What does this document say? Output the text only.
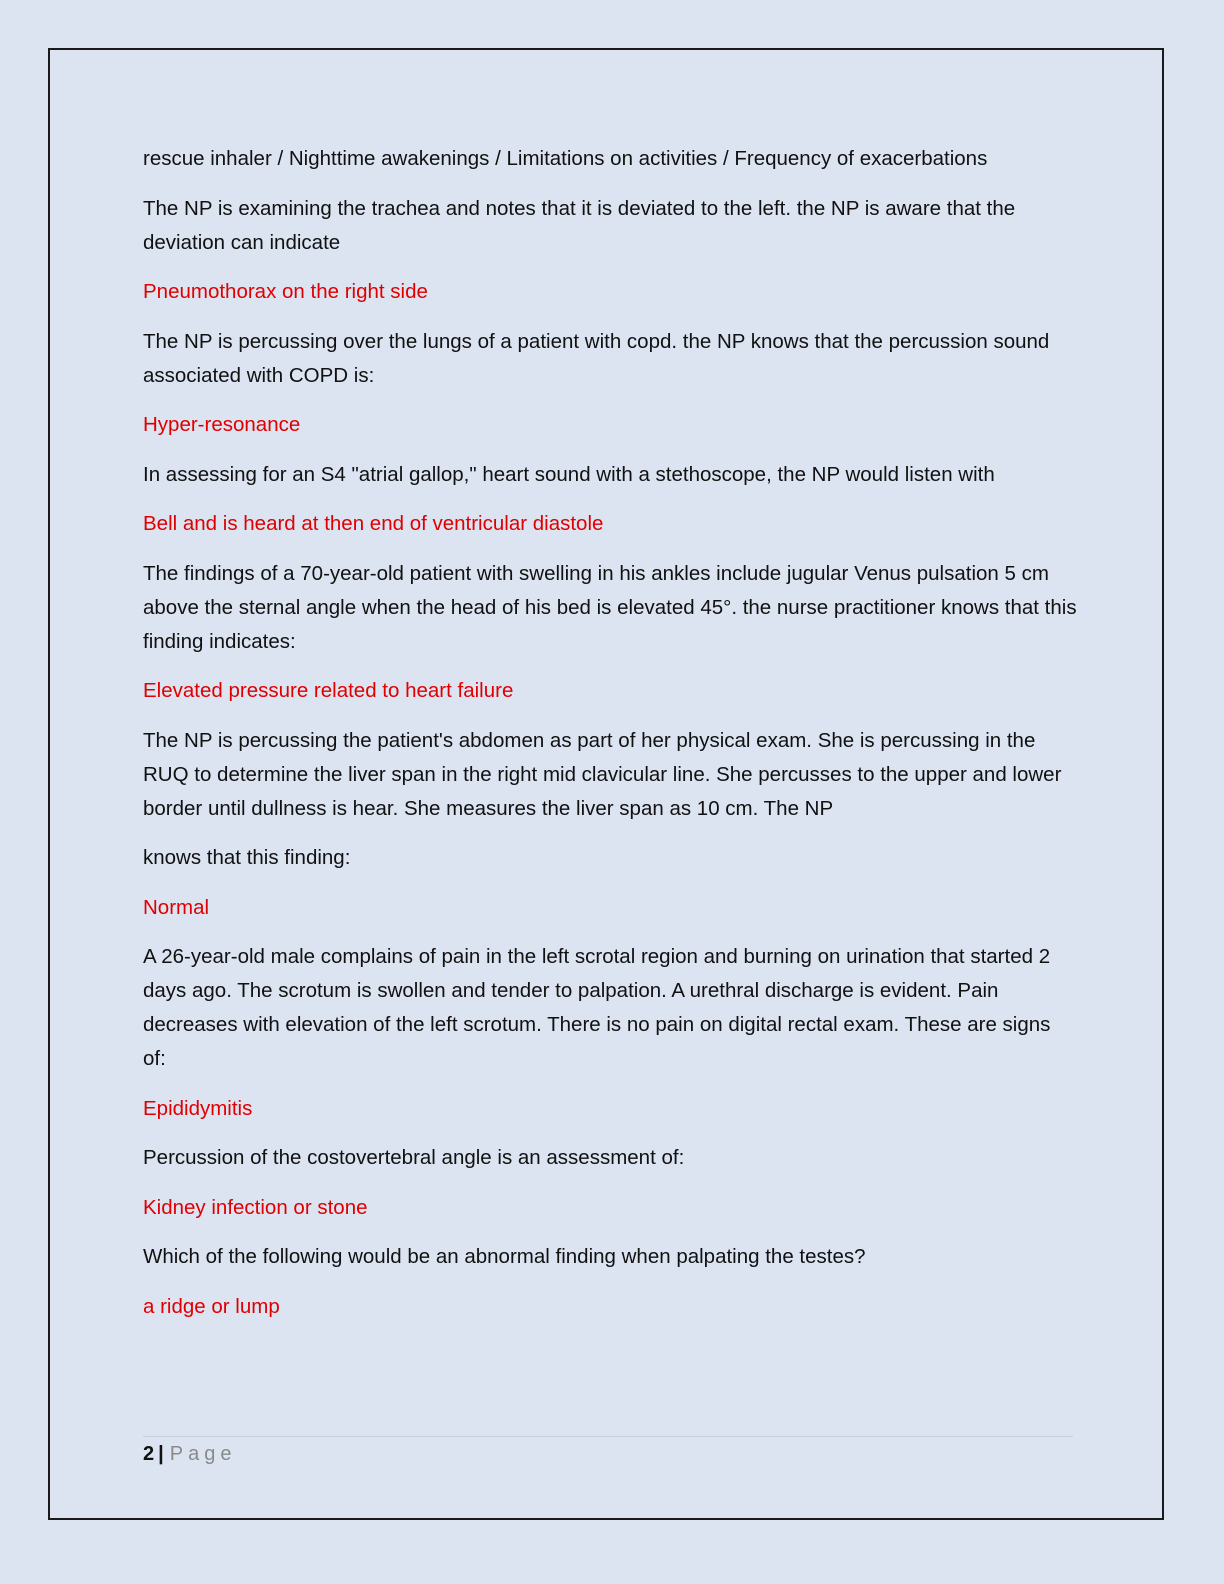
rescue inhaler / Nighttime awakenings / Limitations on activities / Frequency of exacerbations

The NP is examining the trachea and notes that it is deviated to the left. the NP is aware that the deviation can indicate

Pneumothorax on the right side

The NP is percussing over the lungs of a patient with copd. the NP knows that the percussion sound associated with COPD is:

Hyper-resonance

In assessing for an S4 "atrial gallop," heart sound with a stethoscope, the NP would listen with

Bell and is heard at then end of ventricular diastole

The findings of a 70-year-old patient with swelling in his ankles include jugular Venus pulsation 5 cm above the sternal angle when the head of his bed is elevated 45°. the nurse practitioner knows that this finding indicates:

Elevated pressure related to heart failure

The NP is percussing the patient's abdomen as part of her physical exam. She is percussing in the RUQ to determine the liver span in the right mid clavicular line. She percusses to the upper and lower border until dullness is hear. She measures the liver span as 10 cm. The NP

knows that this finding:

Normal

A 26-year-old male complains of pain in the left scrotal region and burning on urination that started 2 days ago. The scrotum is swollen and tender to palpation. A urethral discharge is evident. Pain decreases with elevation of the left scrotum. There is no pain on digital rectal exam. These are signs of:

Epididymitis

Percussion of the costovertebral angle is an assessment of:

Kidney infection or stone

Which of the following would be an abnormal finding when palpating the testes?

a ridge or lump

2 | Page
